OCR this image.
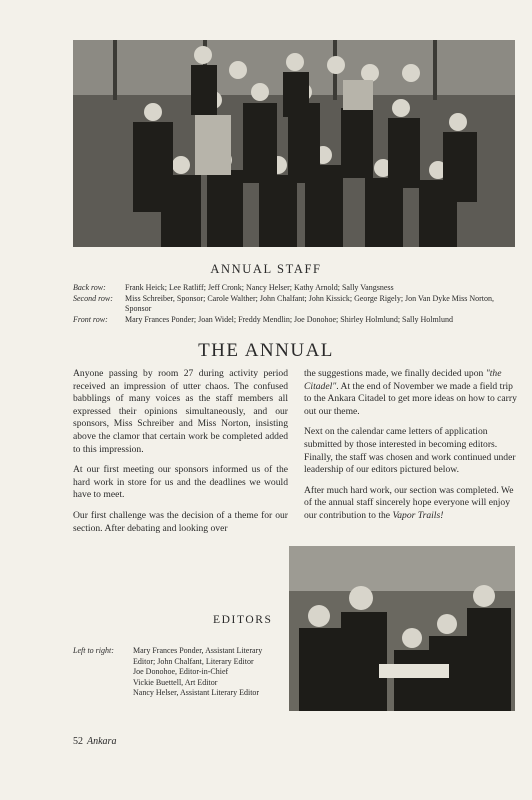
ANNUAL STAFF
Back row:	Frank Heick; Lee Ratliff; Jeff Cronk; Nancy Helser; Kathy Arnold; Sally Vangsness
Second row:	Miss Schreiber, Sponsor; Carole Walther; John Chalfant; John Kissick; George Rigely; Jon Van Dyke Miss Norton, Sponsor
Front row:	Mary Frances Ponder; Joan Widel; Freddy Mendlin; Joe Donohoe; Shirley Holmlund; Sally Holmlund
THE ANNUAL

Anyone passing by room 27 during activity period received an impression of utter chaos. The confused babblings of many voices as the staff members all expressed their opinions simultaneously, and our sponsors, Miss Schreiber and Miss Norton, insisting above the clamor that certain work be completed added to this impression.

At our first meeting our sponsors informed us of the hard work in store for us and the deadlines we would have to meet.

Our first challenge was the decision of a theme for our section. After debating and looking over

the suggestions made, we finally decided upon "the Citadel". At the end of November we made a field trip to the Ankara Citadel to get more ideas on how to carry out our theme.

Next on the calendar came letters of application submitted by those interested in becoming editors. Finally, the staff was chosen and work continued under leadership of our editors pictured below.

After much hard work, our section was completed. We of the annual staff sincerely hope everyone will enjoy our contribution to the Vapor Trails!

EDITORS
Left to right:	Mary Frances Ponder, Assistant Literary Editor; John Chalfant, Literary Editor
Joe Donohoe, Editor-in-Chief
Vickie Buettell, Art Editor
Nancy Helser, Assistant Literary Editor
52 Ankara
